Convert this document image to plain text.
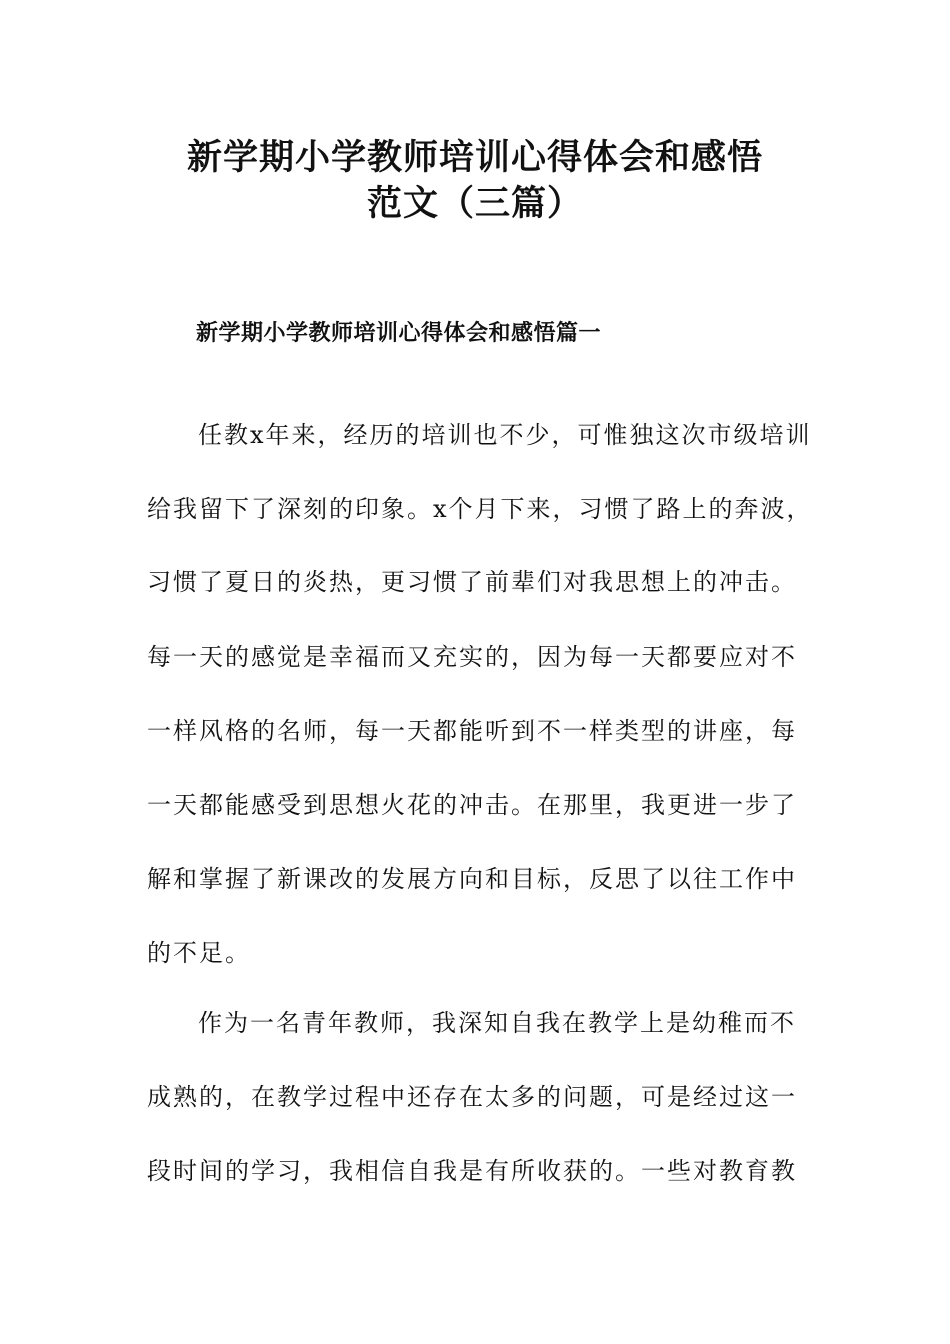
新学期小学教师培训心得体会和感悟
范文（三篇）
新学期小学教师培训心得体会和感悟篇一
任教x年来，经历的培训也不少，可惟独这次市级培训
给我留下了深刻的印象。x个月下来，习惯了路上的奔波，
习惯了夏日的炎热，更习惯了前辈们对我思想上的冲击。
每一天的感觉是幸福而又充实的，因为每一天都要应对不
一样风格的名师，每一天都能听到不一样类型的讲座，每
一天都能感受到思想火花的冲击。在那里，我更进一步了
解和掌握了新课改的发展方向和目标，反思了以往工作中
的不足。
作为一名青年教师，我深知自我在教学上是幼稚而不
成熟的，在教学过程中还存在太多的问题，可是经过这一
段时间的学习，我相信自我是有所收获的。一些对教育教
